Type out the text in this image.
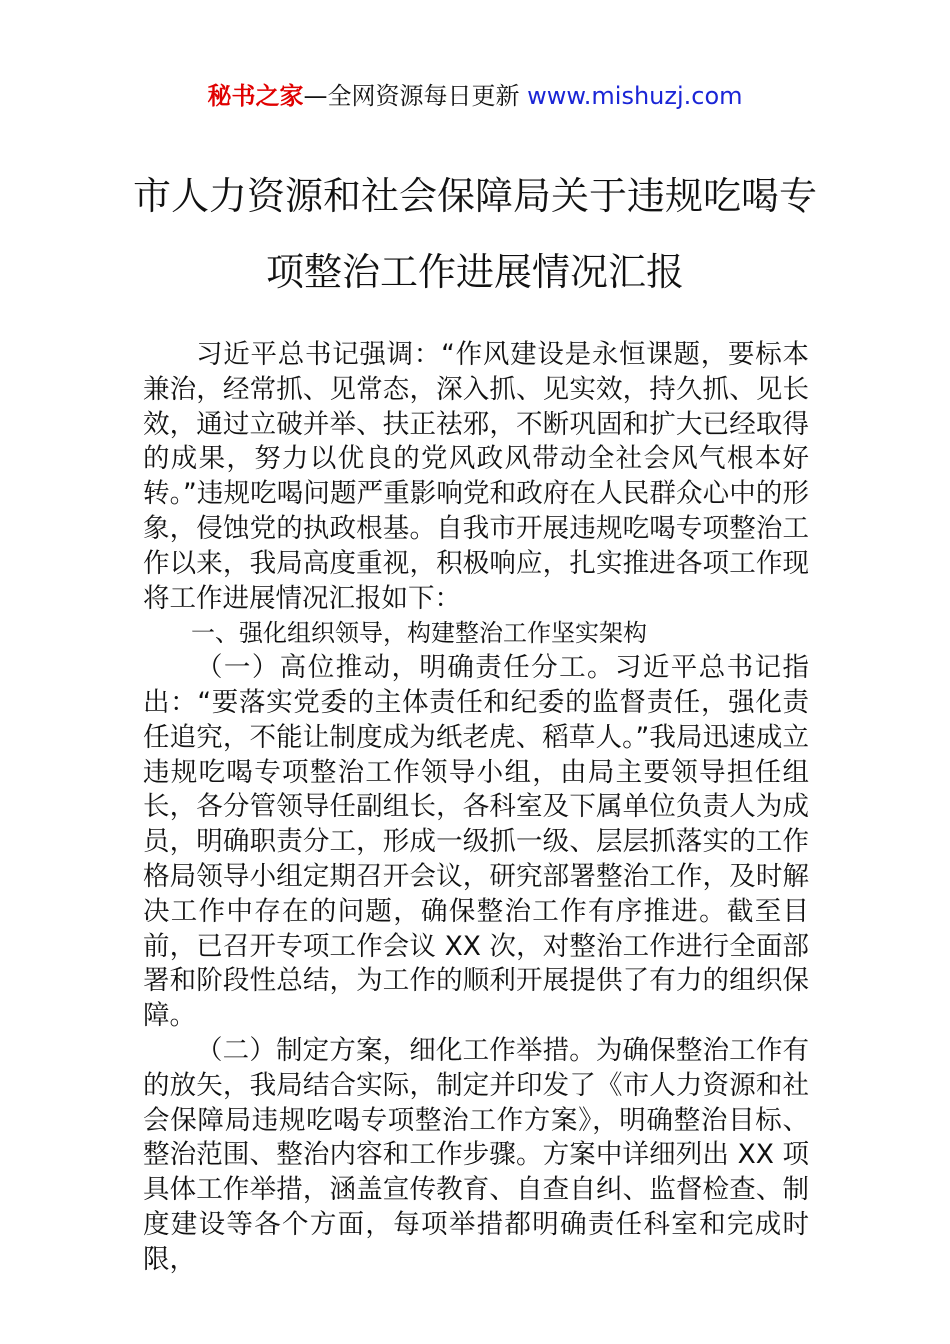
秘书之家—全网资源每日更新 www.mishuzj.com
市人力资源和社会保障局关于违规吃喝专
项整治工作进展情况汇报

习近平总书记强调：“作风建设是永恒课题，要标本兼治，经常抓、见常态，深入抓、见实效，持久抓、见长效，通过立破并举、扶正祛邪，不断巩固和扩大已经取得的成果，努力以优良的党风政风带动全社会风气根本好转。”违规吃喝问题严重影响党和政府在人民群众心中的形象，侵蚀党的执政根基。自我市开展违规吃喝专项整治工作以来，我局高度重视，积极响应，扎实推进各项工作现将工作进展情况汇报如下：

一、强化组织领导，构建整治工作坚实架构

（一）高位推动，明确责任分工。习近平总书记指出：“要落实党委的主体责任和纪委的监督责任，强化责任追究，不能让制度成为纸老虎、稻草人。”我局迅速成立违规吃喝专项整治工作领导小组，由局主要领导担任组长，各分管领导任副组长，各科室及下属单位负责人为成员，明确职责分工，形成一级抓一级、层层抓落实的工作格局领导小组定期召开会议，研究部署整治工作，及时解决工作中存在的问题，确保整治工作有序推进。截至目前，已召开专项工作会议 XX 次，对整治工作进行全面部署和阶段性总结，为工作的顺利开展提供了有力的组织保障。

（二）制定方案，细化工作举措。为确保整治工作有的放矢，我局结合实际，制定并印发了《市人力资源和社会保障局违规吃喝专项整治工作方案》，明确整治目标、整治范围、整治内容和工作步骤。方案中详细列出 XX 项具体工作举措，涵盖宣传教育、自查自纠、监督检查、制度建设等各个方面，每项举措都明确责任科室和完成时限，
